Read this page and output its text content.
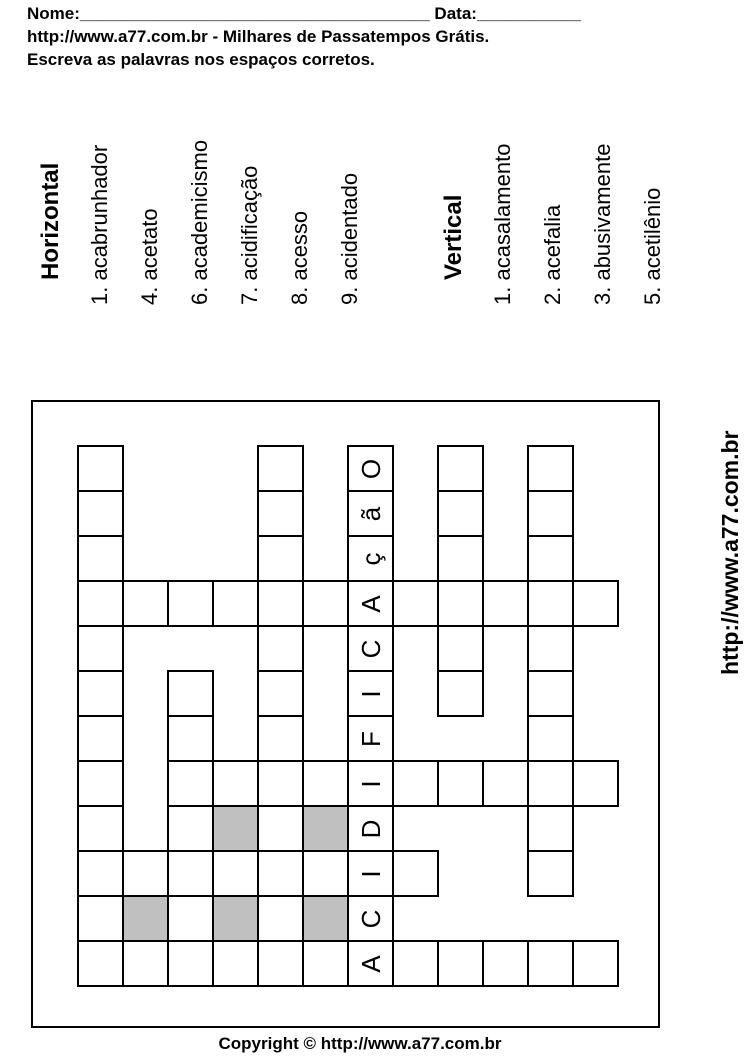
Nome:_____________________________________ Data:___________
http://www.a77.com.br - Milhares de Passatempos Grátis.
Escreva as palavras nos espaços corretos.
Horizontal 1. acabrunhador 4. acetato 6. academicismo 7. acidificação 8. acesso 9. acidentado	Vertical 1. acasalamento 2. acefalia 3. abusivamente 5. acetilênio
O
ã
ç
A
C
I
F
I
D
I
C
A
http://www.a77.com.br
Copyright © http://www.a77.com.br
